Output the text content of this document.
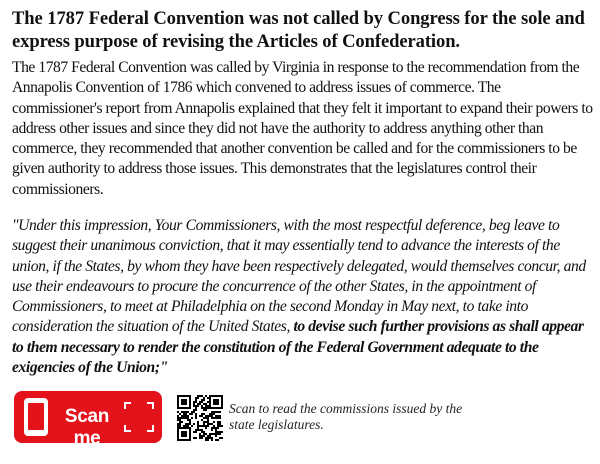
The 1787 Federal Convention was not called by Congress for the sole and express purpose of revising the Articles of Confederation.
The 1787 Federal Convention was called by Virginia in response to the recommendation from the Annapolis Convention of 1786 which convened to address issues of commerce. The commissioner's report from Annapolis explained that they felt it important to expand their powers to address other issues and since they did not have the authority to address anything other than commerce, they recommended that another convention be called and for the commissioners to be given authority to address those issues. This demonstrates that the legislatures control their commissioners.
"Under this impression, Your Commissioners, with the most respectful deference, beg leave to suggest their unanimous conviction, that it may essentially tend to advance the interests of the union, if the States, by whom they have been respectively delegated, would themselves concur, and use their endeavours to procure the concurrence of the other States, in the appointment of Commissioners, to meet at Philadelphia on the second Monday in May next, to take into consideration the situation of the United States, to devise such further provisions as shall appear to them necessary to render the constitution of the Federal Government adequate to the exigencies of the Union;"
Scan me
Scan to read the commissions issued by the state legislatures.
